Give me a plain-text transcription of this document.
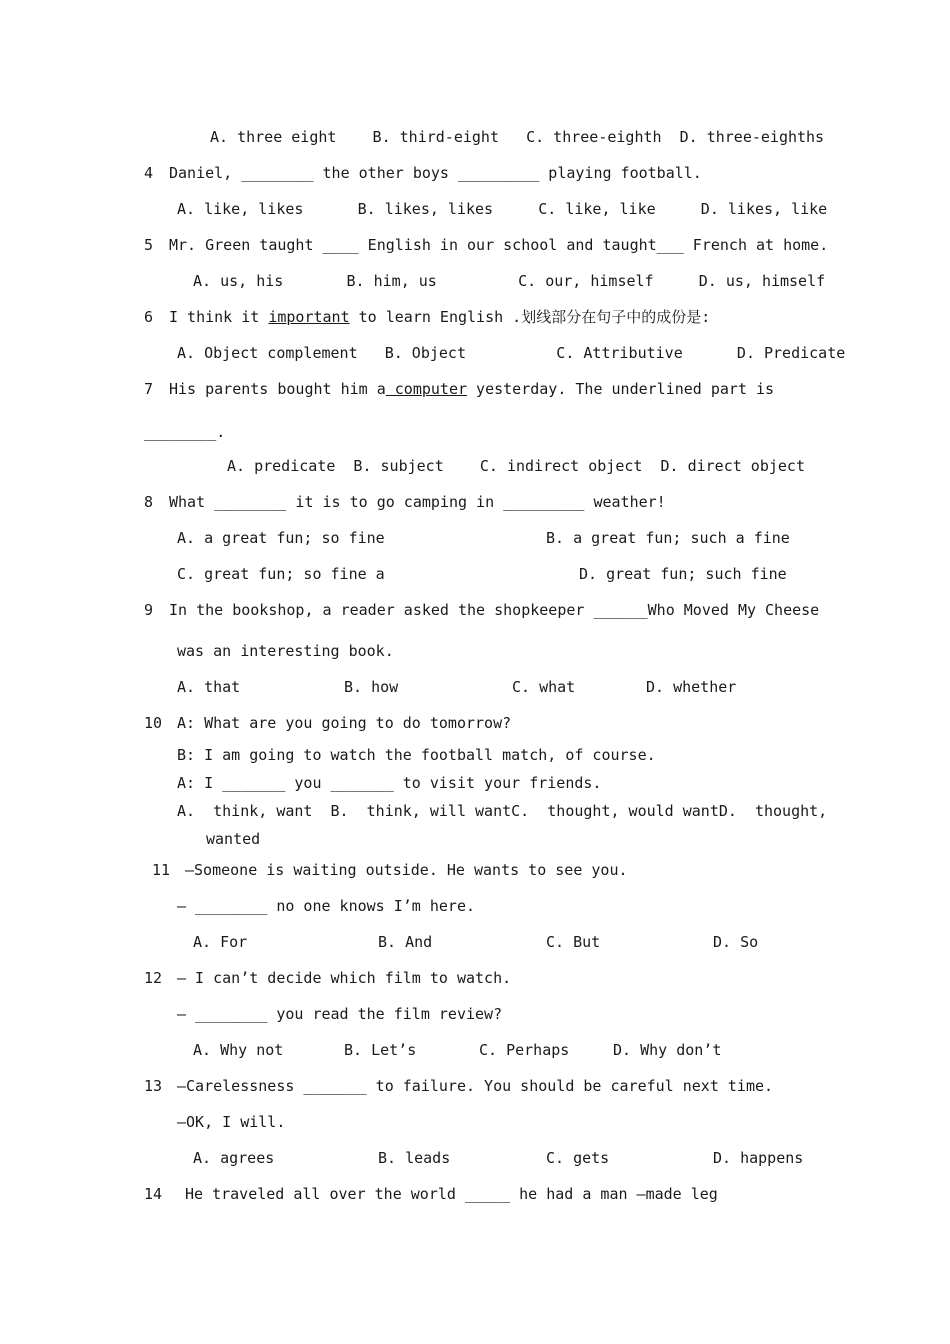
A. three eight    B. third-eight   C. three-eighth  D. three-eighths
4 Daniel, ________ the other boys _________ playing football.
A. like, likes      B. likes, likes     C. like, like     D. likes, like
5 Mr. Green taught ____ English in our school and taught___ French at home.
A. us, his       B. him, us         C. our, himself     D. us, himself
6 I think it important to learn English .划线部分在句子中的成份是:
A. Object complement   B. Object          C. Attributive      D. Predicate
7 His parents bought him a computer yesterday. The underlined part is
________.
A. predicate  B. subject    C. indirect object  D. direct object
8 What ________ it is to go camping in _________ weather!
A. a great fun; so fine	B. a great fun; such a fine
C. great fun; so fine a	D. great fun; such fine
9 In the bookshop, a reader asked the shopkeeper ______Who Moved My Cheese
was an interesting book.
A. that	B. how	C. what	D. whether
10 A: What are you going to do tomorrow?
B: I am going to watch the football match, of course.
A: I _______ you _______ to visit your friends.
A.  think, want  B.  think, will wantC.  thought, would wantD.  thought,
wanted
11 —Someone is waiting outside. He wants to see you.
— ________ no one knows I’m here.
A. For	B. And	C. But	D. So
12 — I can’t decide which film to watch.
— ________ you read the film review?
A. Why not	B. Let’s	C. Perhaps	D. Why don’t
13 —Carelessness _______ to failure. You should be careful next time.
—OK, I will.
A. agrees	B. leads	C. gets	D. happens
14 He traveled all over the world _____ he had a man –made leg
